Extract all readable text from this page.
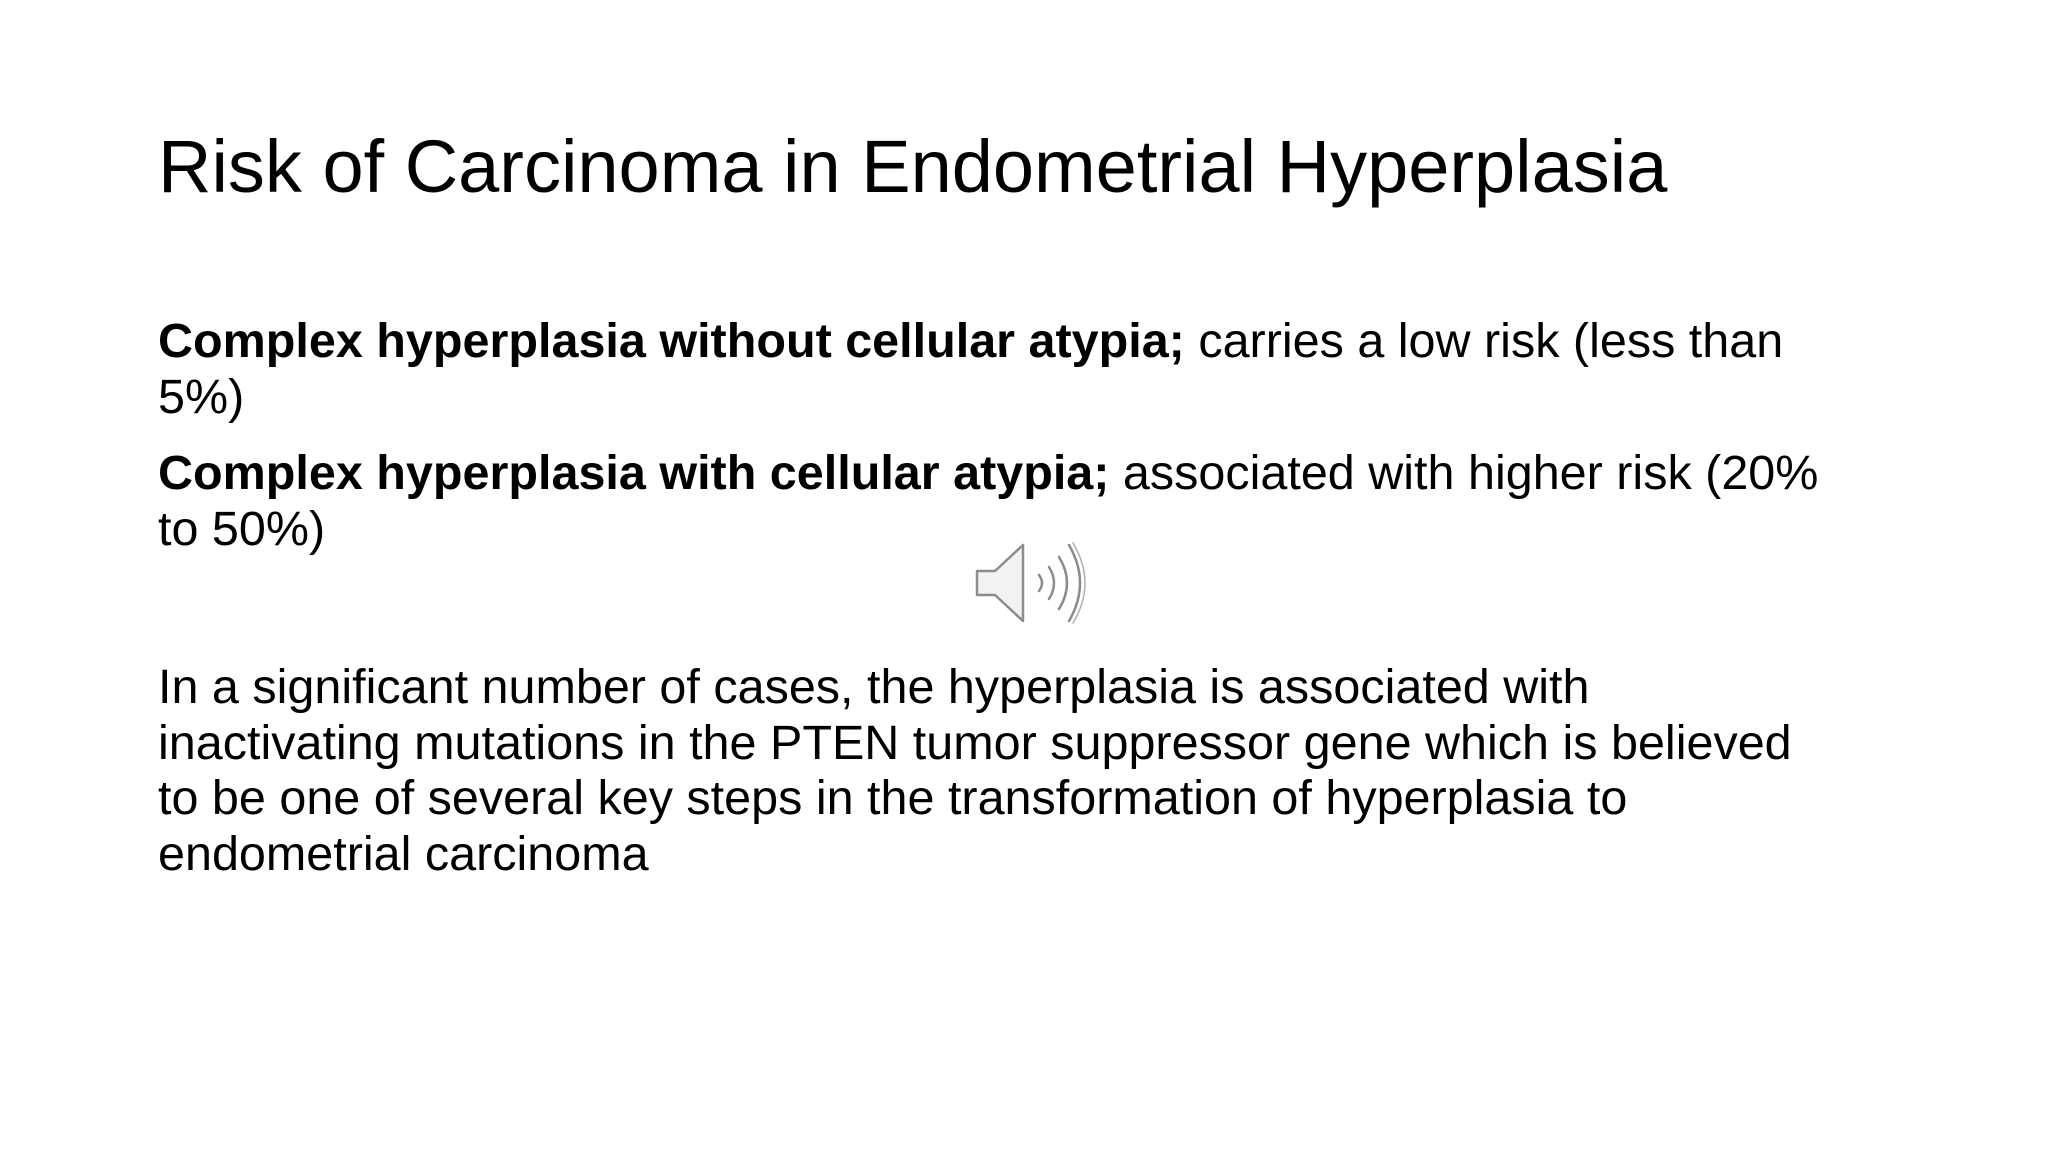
Risk of Carcinoma in Endometrial Hyperplasia

Complex hyperplasia without cellular atypia; carries a low risk (less than 5%)

Complex hyperplasia with cellular atypia; associated with higher risk (20% to 50%)

In a significant number of cases, the hyperplasia is associated with inactivating mutations in the PTEN tumor suppressor gene which is believed to be one of several key steps in the transformation of hyperplasia to endometrial carcinoma
